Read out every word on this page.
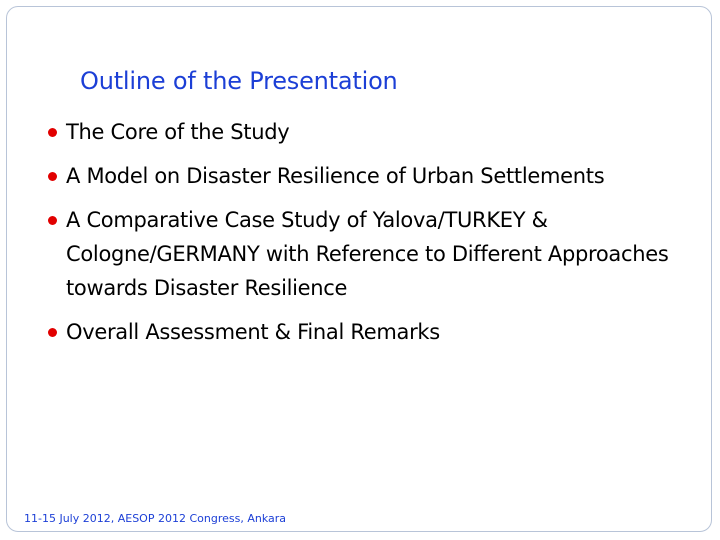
Outline of the Presentation
The Core of the Study
A Model on Disaster Resilience of Urban Settlements
A Comparative Case Study of Yalova/TURKEY & Cologne/GERMANY with Reference to Different Approaches towards Disaster Resilience
Overall Assessment & Final Remarks
11-15 July 2012, AESOP 2012 Congress, Ankara
